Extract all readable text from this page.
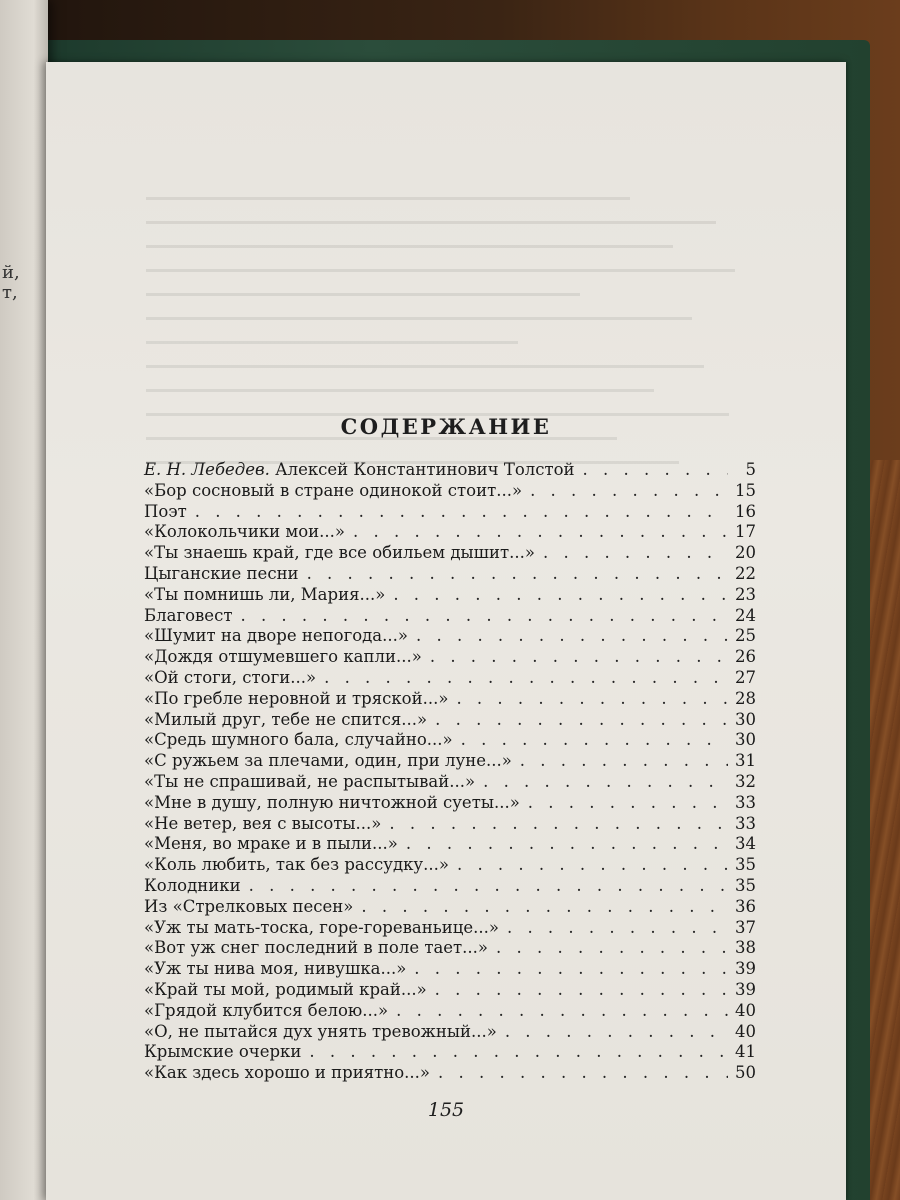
й,
т,
СОДЕРЖАНИЕ
Е. Н. Лебедев. Алексей Константинович Толстой . . .	5
«Бор сосновый в стране одинокой стоит...» . . .	15
Поэт . . .	16
«Колокольчики мои...» . . .	17
«Ты знаешь край, где все обильем дышит...» . . .	20
Цыганские песни . . .	22
«Ты помнишь ли, Мария...» . . .	23
Благовест . . .	24
«Шумит на дворе непогода...» . . .	25
«Дождя отшумевшего капли...» . . .	26
«Ой стоги, стоги...» . . .	27
«По гребле неровной и тряской...» . . .	28
«Милый друг, тебе не спится...» . . .	30
«Средь шумного бала, случайно...» . . .	30
«С ружьем за плечами, один, при луне...» . . .	31
«Ты не спрашивай, не распытывай...» . . .	32
«Мне в душу, полную ничтожной суеты...» . . .	33
«Не ветер, вея с высоты...» . . .	33
«Меня, во мраке и в пыли...» . . .	34
«Коль любить, так без рассудку...» . . .	35
Колодники . . .	35
Из «Стрелковых песен» . . .	36
«Уж ты мать-тоска, горе-гореваньице...» . . .	37
«Вот уж снег последний в поле тает...» . . .	38
«Уж ты нива моя, нивушка...» . . .	39
«Край ты мой, родимый край...» . . .	39
«Грядой клубится белою...» . . .	40
«О, не пытайся дух унять тревожный...» . . .	40
Крымские очерки . . .	41
«Как здесь хорошо и приятно...» . . .	50
155
